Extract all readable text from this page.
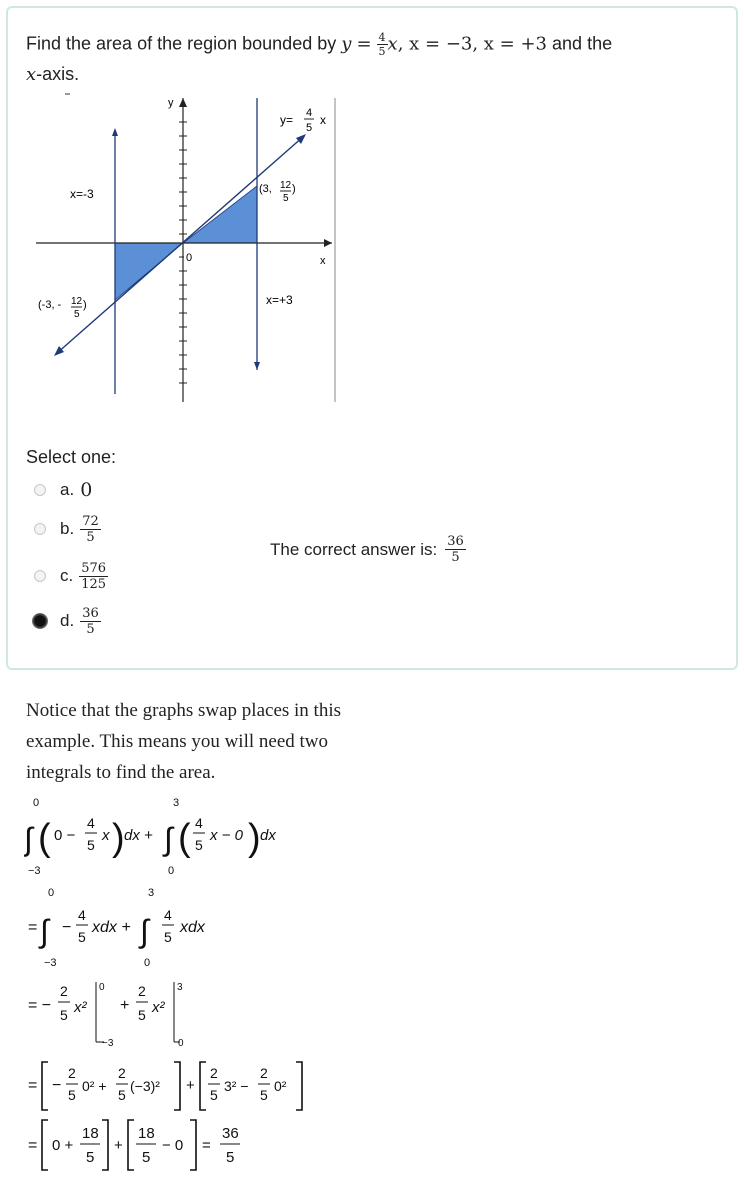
Find the area of the region bounded by $y = \frac{4}{5} x$, x = −3, x = +3 and the
x-axis.
y
x
0
x=-3
x=+3
y= 4
5
x
(3, 12
5
)
(-3, - 12
5
)
Select one:
a. 0
b. $\frac{72}{5}$
c. $\frac{576}{125}$
d. $\frac{36}{5}$
The correct answer is: $\frac{36}{5}$
Notice that the graphs swap places in this
example. This means you will need two
integrals to find the area.
0
∫
−3
( 0 −
4
5
x ) dx +
3
∫
0
( 4
5
x − 0 ) dx
=
0
∫
−3
−
4
5
xdx +
3
∫
0
4
5
xdx
= −
2
5 x²
0
−3
+
2
5 x²
3
0
= −
2
5
0² +
2
5
(−3)² +
2
5
3² −
2
5
0²
= 0 +
18
5
+
18
5
− 0 =
36
5
